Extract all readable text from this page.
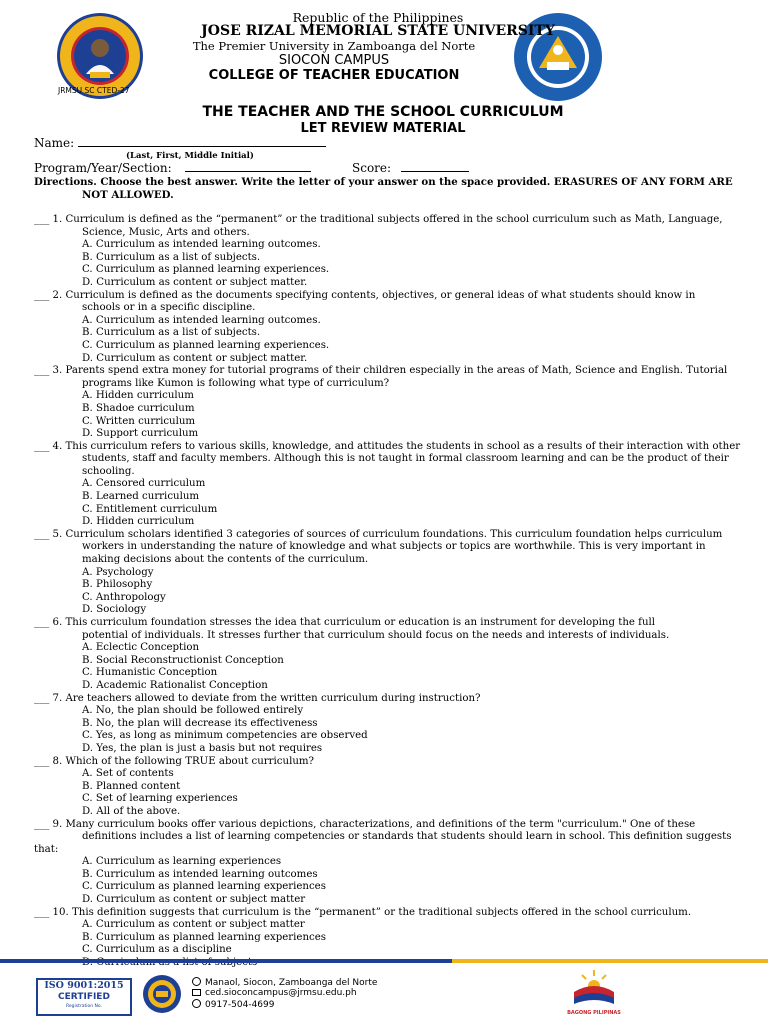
Republic of the Philippines
JOSE RIZAL MEMORIAL STATE UNIVERSITY
The Premier University in Zamboanga del Norte
SIOCON CAMPUS
COLLEGE OF TEACHER EDUCATION
JRMSU SC CTED-27
THE TEACHER AND THE SCHOOL CURRICULUM
LET REVIEW MATERIAL
Name:
(Last, First, Middle Initial)
Program/Year/Section:	Score:
Directions. Choose the best answer. Write the letter of your answer on the space provided. ERASURES OF ANY FORM ARE
NOT ALLOWED.
___ 1. Curriculum is defined as the “permanent” or the traditional subjects offered in the school curriculum such as Math, Language,
Science, Music, Arts and others.
A. Curriculum as intended learning outcomes.
B. Curriculum as a list of subjects.
C. Curriculum as planned learning experiences.
D. Curriculum as content or subject matter.
___ 2. Curriculum is defined as the documents specifying contents, objectives, or general ideas of what students should know in
schools or in a specific discipline.
A. Curriculum as intended learning outcomes.
B. Curriculum as a list of subjects.
C. Curriculum as planned learning experiences.
D. Curriculum as content or subject matter.
___ 3. Parents spend extra money for tutorial programs of their children especially in the areas of Math, Science and English. Tutorial
programs like Kumon is following what type of curriculum?
A. Hidden curriculum
B. Shadoe curriculum
C. Written curriculum
D. Support curriculum
___ 4. This curriculum refers to various skills, knowledge, and attitudes the students in school as a results of their interaction with other
students, staff and faculty members. Although this is not taught in formal classroom learning and can be the product of their
schooling.
A. Censored curriculum
B. Learned curriculum
C. Entitlement curriculum
D. Hidden curriculum
___ 5. Curriculum scholars identified 3 categories of sources of curriculum foundations. This curriculum foundation helps curriculum
workers in understanding the nature of knowledge and what subjects or topics are worthwhile. This is very important in
making decisions about the contents of the curriculum.
A. Psychology
B. Philosophy
C. Anthropology
D. Sociology
___ 6. This curriculum foundation stresses the idea that curriculum or education is an instrument for developing the full
potential of individuals. It stresses further that curriculum should focus on the needs and interests of individuals.
A. Eclectic Conception
B. Social Reconstructionist Conception
C. Humanistic Conception
D. Academic Rationalist Conception
___ 7. Are teachers allowed to deviate from the written curriculum during instruction?
A. No, the plan should be followed entirely
B. No, the plan will decrease its effectiveness
C. Yes, as long as minimum competencies are observed
D. Yes, the plan is just a basis but not requires
___ 8. Which of the following TRUE about curriculum?
A. Set of contents
B. Planned content
C. Set of learning experiences
D. All of the above.
___ 9. Many curriculum books offer various depictions, characterizations, and definitions of the term "curriculum." One of these
definitions includes a list of learning competencies or standards that students should learn in school. This definition suggests
that:
A. Curriculum as learning experiences
B. Curriculum as intended learning outcomes
C. Curriculum as planned learning experiences
D. Curriculum as content or subject matter
___ 10. This definition suggests that curriculum is the “permanent” or the traditional subjects offered in the school curriculum.
A. Curriculum as content or subject matter
B. Curriculum as planned learning experiences
C. Curriculum as a discipline
ISO 9001:2015
CERTIFIED
Registration No.
Manaol, Siocon, Zamboanga del Norte
ced.sioconcampus@jrmsu.edu.ph
0917-504-4699
BAGONG PILIPINAS
